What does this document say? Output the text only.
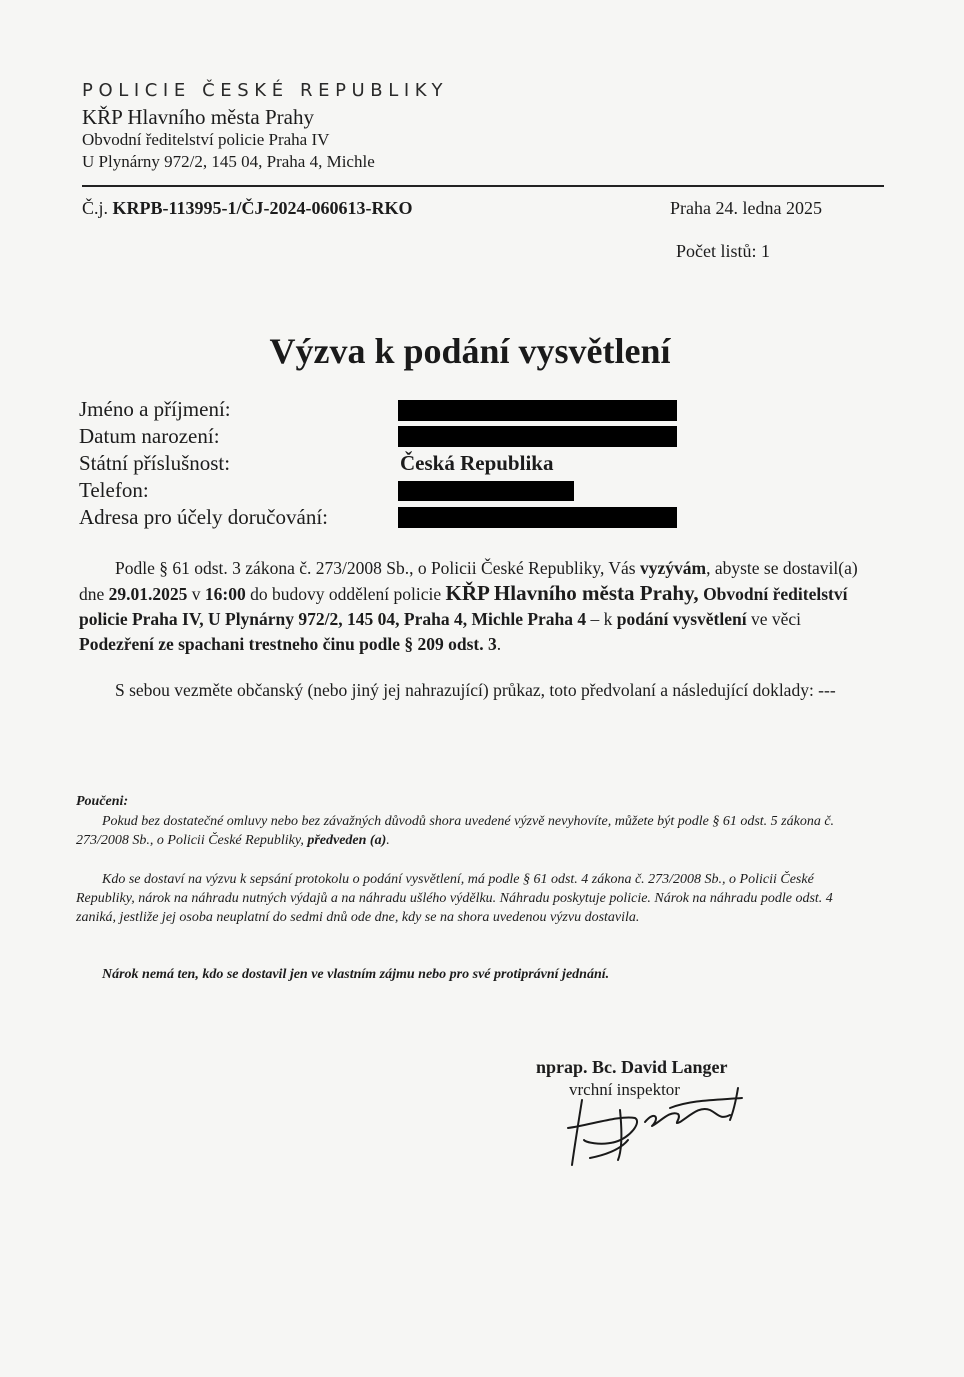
POLICIE ČESKÉ REPUBLIKY
KŘP Hlavního města Prahy
Obvodní ředitelství policie Praha IV
U Plynárny 972/2, 145 04, Praha 4, Michle
Č.j. KRPB-113995-1/ČJ-2024-060613-RKO	Praha 24. ledna 2025
Počet listů: 1
Výzva k podání vysvětlení
Jméno a příjmení:
Datum narození:
Státní příslušnost:	Česká Republika
Telefon:
Adresa pro účely doručování:
Podle § 61 odst. 3 zákona č. 273/2008 Sb., o Policii České Republiky, Vás vyzývám, abyste se dostavil(a) dne 29.01.2025 v 16:00 do budovy oddělení policie KŘP Hlavního města Prahy, Obvodní ředitelství policie Praha IV, U Plynárny 972/2, 145 04, Praha 4, Michle Praha 4 – k podání vysvětlení ve věci Podezření ze spachani trestneho činu podle § 209 odst. 3.
S sebou vezměte občanský (nebo jiný jej nahrazující) průkaz, toto předvolaní a následující doklady: ---
Poučeni:
Pokud bez dostatečné omluvy nebo bez závažných důvodů shora uvedené výzvě nevyhovíte, můžete být podle § 61 odst. 5 zákona č. 273/2008 Sb., o Policii České Republiky, předveden (a).
Kdo se dostaví na výzvu k sepsání protokolu o podání vysvětlení, má podle § 61 odst. 4 zákona č. 273/2008 Sb., o Policii České Republiky, nárok na náhradu nutných výdajů a na náhradu ušlého výdělku. Náhradu poskytuje policie. Nárok na náhradu podle odst. 4 zaniká, jestliže jej osoba neuplatní do sedmi dnů ode dne, kdy se na shora uvedenou výzvu dostavila.
Nárok nemá ten, kdo se dostavil jen ve vlastním zájmu nebo pro své protiprávní jednání.
nprap. Bc. David Langer
vrchní inspektor
